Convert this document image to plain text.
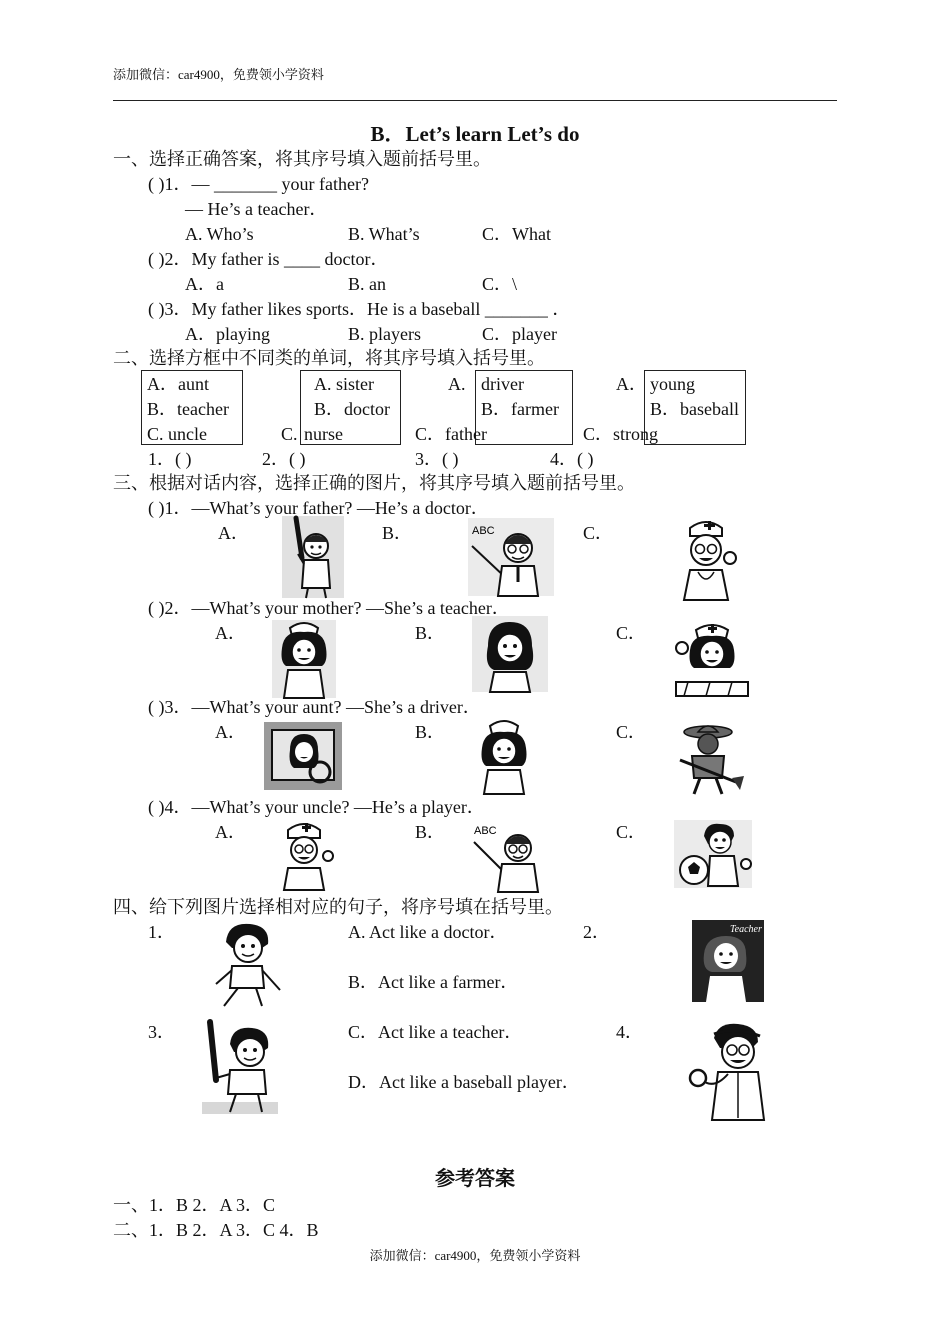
添加微信：car4900，免费领小学资料
B．Let’s learn Let’s do
一、选择正确答案，将其序号填入题前括号里。
( )1．— _______ your father?
— He’s a teacher．
A. Who’s	B. What’s	C．What
( )2．My father is ____ doctor．
A．a	B. an	C．\
( )3．My father likes sports．He is a baseball _______ ．
A．playing	B. players	C．player
二、选择方框中不同类的单词，将其序号填入括号里。
A．aunt
B．teacher
C. uncle
A. sister
B．doctor
C. nurse
A. driver
B．farmer
C．father
A． young
B．baseball
C．strong
1．( )	2．( )	3．( )	4．( )
三、根据对话内容，选择正确的图片，将其序号填入题前括号里。
( )1．—What’s your father? —He’s a doctor．
A．	B．	C．
ABC
( )2．—What’s your mother? —She’s a teacher．
A．	B．	C．
( )3．—What’s your aunt? —She’s a driver．
A．	B．	C．
( )4．—What’s your uncle? —He’s a player．
A．	B．	C．
ABC
四、给下列图片选择相对应的句子，将序号填在括号里。
1．	2．
3．	4．
A. Act like a doctor．
B．Act like a farmer．
C．Act like a teacher．
D．Act like a baseball player．
Teacher
参考答案
一、1．B 2．A 3．C
二、1．B 2．A 3．C 4．B
添加微信：car4900，免费领小学资料
